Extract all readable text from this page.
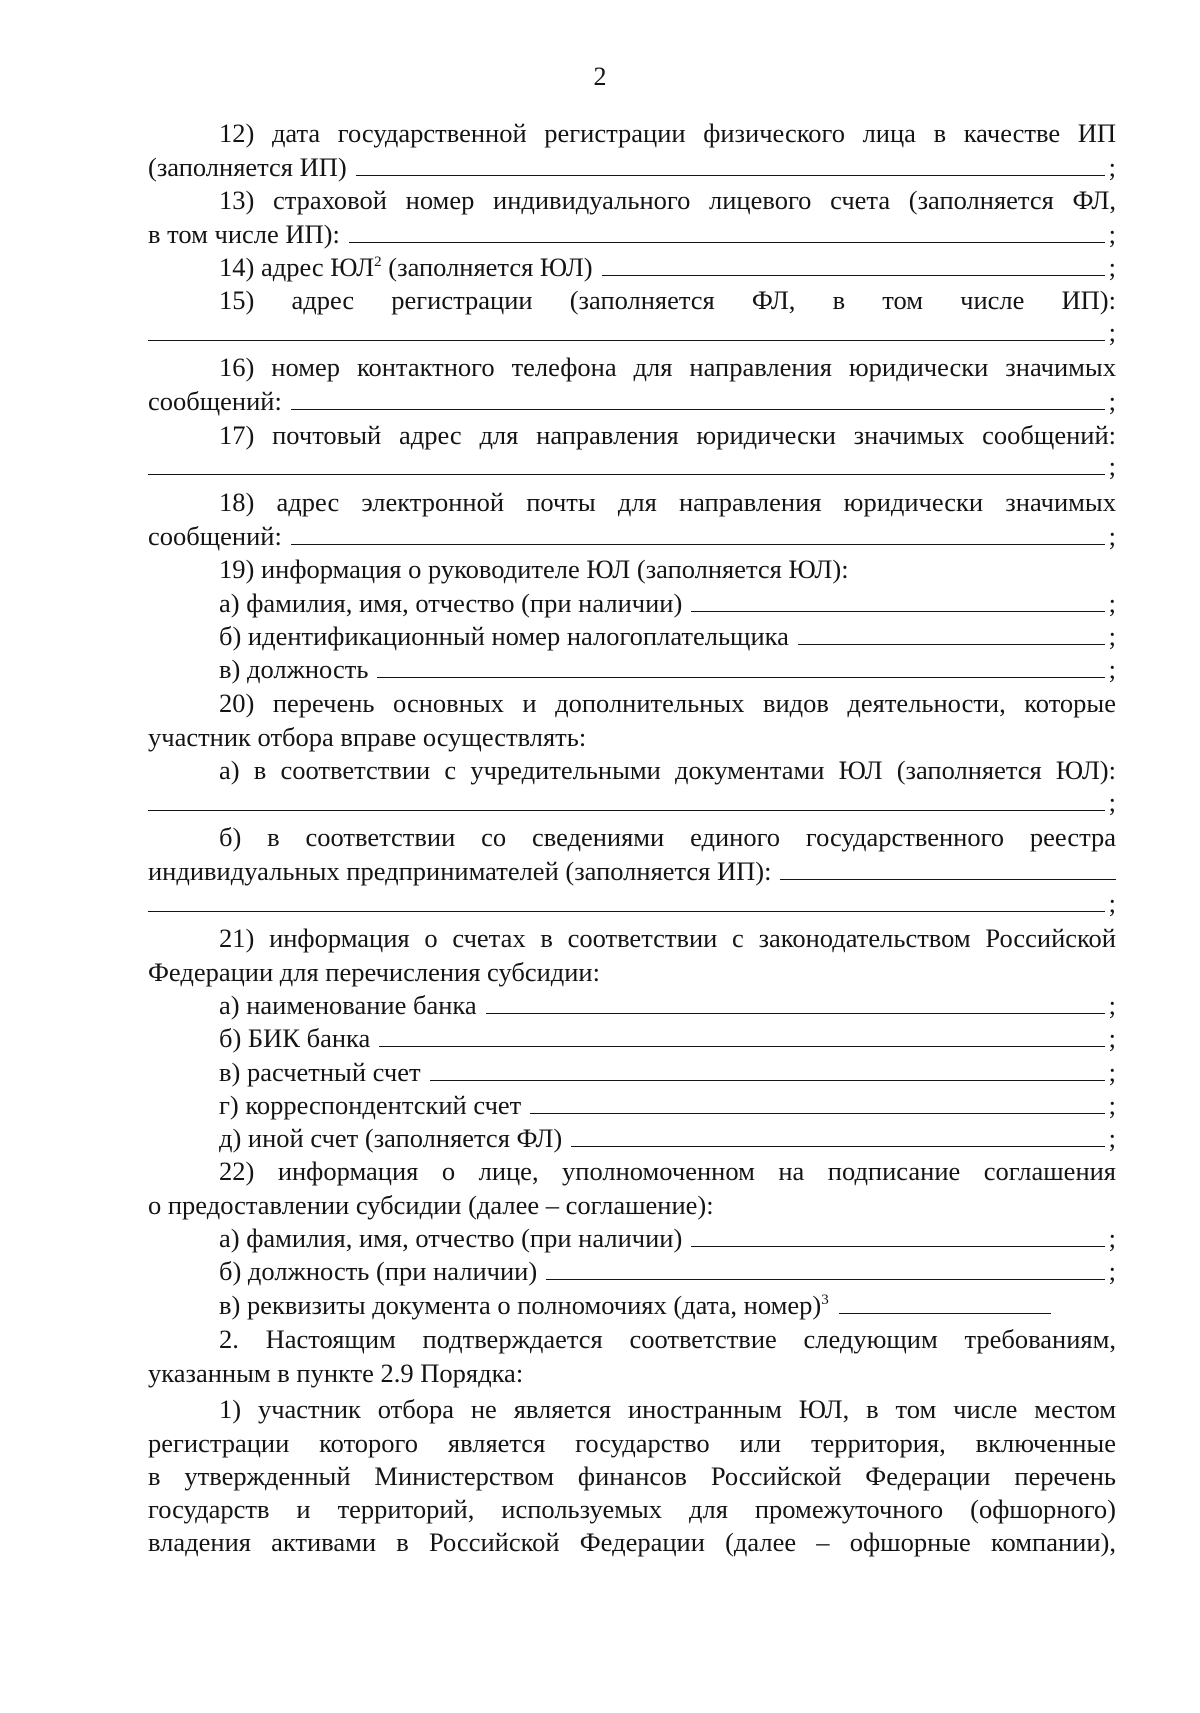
2
12) дата государственной регистрации физического лица в качестве ИП
(заполняется ИП)	;
13) страховой номер индивидуального лицевого счета (заполняется ФЛ,
в том числе ИП):	;
14) адрес $ЮЛ^2$ (заполняется ЮЛ)	;
15) адрес регистрации (заполняется ФЛ, в том числе ИП):
;
16) номер контактного телефона для направления юридически значимых
сообщений:	;
17) почтовый адрес для направления юридически значимых сообщений:
;
18) адрес электронной почты для направления юридически значимых
сообщений:	;
19) информация о руководителе ЮЛ (заполняется ЮЛ):
а) фамилия, имя, отчество (при наличии)	;
б) идентификационный номер налогоплательщика	;
в) должность	;
20) перечень основных и дополнительных видов деятельности, которые
участник отбора вправе осуществлять:
а) в соответствии с учредительными документами ЮЛ (заполняется ЮЛ):
;
б) в соответствии со сведениями единого государственного реестра
индивидуальных предпринимателей (заполняется ИП):
;
21) информация о счетах в соответствии с законодательством Российской
Федерации для перечисления субсидии:
а) наименование банка	;
б) БИК банка	;
в) расчетный счет	;
г) корреспондентский счет	;
д) иной счет (заполняется ФЛ)	;
22) информация о лице, уполномоченном на подписание соглашения
о предоставлении субсидии (далее – соглашение):
а) фамилия, имя, отчество (при наличии)	;
б) должность (при наличии)	;
в) реквизиты документа о полномочиях (дата, номер)$^3$
2. Настоящим подтверждается соответствие следующим требованиям,
указанным в пункте 2.9 Порядка:
1) участник отбора не является иностранным ЮЛ, в том числе местом
регистрации которого является государство или территория, включенные
в утвержденный Министерством финансов Российской Федерации перечень
государств и территорий, используемых для промежуточного (офшорного)
владения активами в Российской Федерации (далее – офшорные компании),
